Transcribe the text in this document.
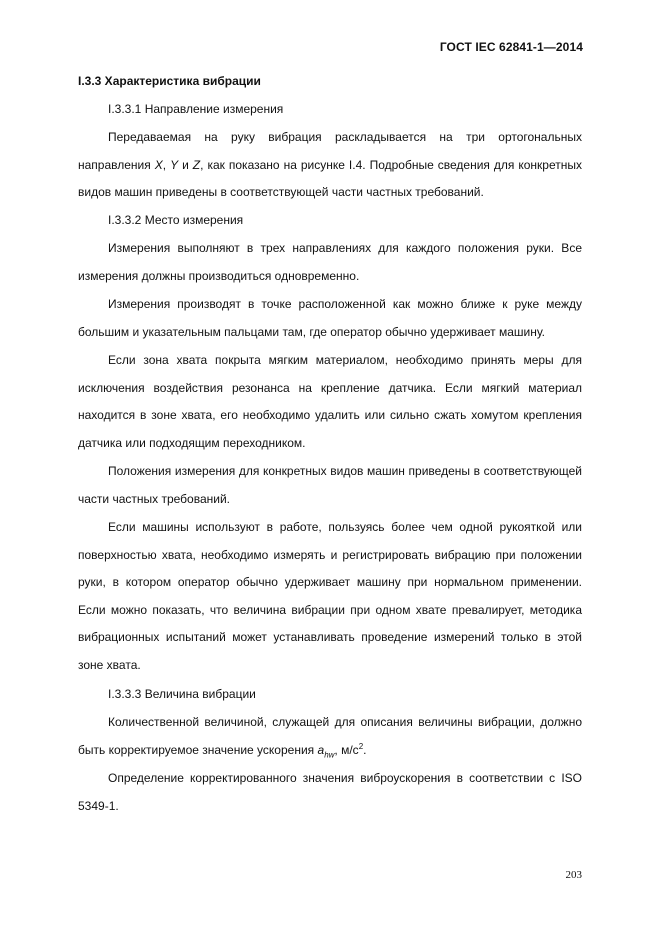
ГОСТ IEC 62841-1—2014

I.3.3 Характеристика вибрации

I.3.3.1 Направление измерения

Передаваемая на руку вибрация раскладывается на три ортогональных направления X, Y и Z, как показано на рисунке I.4. Подробные сведения для конкретных видов машин приведены в соответствующей части частных требований.

I.3.3.2 Место измерения

Измерения выполняют в трех направлениях для каждого положения руки. Все измерения должны производиться одновременно.

Измерения производят в точке расположенной как можно ближе к руке между большим и указательным пальцами там, где оператор обычно удерживает машину.

Если зона хвата покрыта мягким материалом, необходимо принять меры для исключения воздействия резонанса на крепление датчика. Если мягкий материал находится в зоне хвата, его необходимо удалить или сильно сжать хомутом крепления датчика или подходящим переходником.

Положения измерения для конкретных видов машин приведены в соответствующей части частных требований.

Если машины используют в работе, пользуясь более чем одной рукояткой или поверхностью хвата, необходимо измерять и регистрировать вибрацию при положении руки, в котором оператор обычно удерживает машину при нормальном применении. Если можно показать, что величина вибрации при одном хвате превалирует, методика вибрационных испытаний может устанавливать проведение измерений только в этой зоне хвата.

I.3.3.3 Величина вибрации

Количественной величиной, служащей для описания величины вибрации, должно быть корректируемое значение ускорения $a_{hw}$, $м/с^2$.

Определение корректированного значения виброускорения в соответствии с ISO 5349-1.

203
